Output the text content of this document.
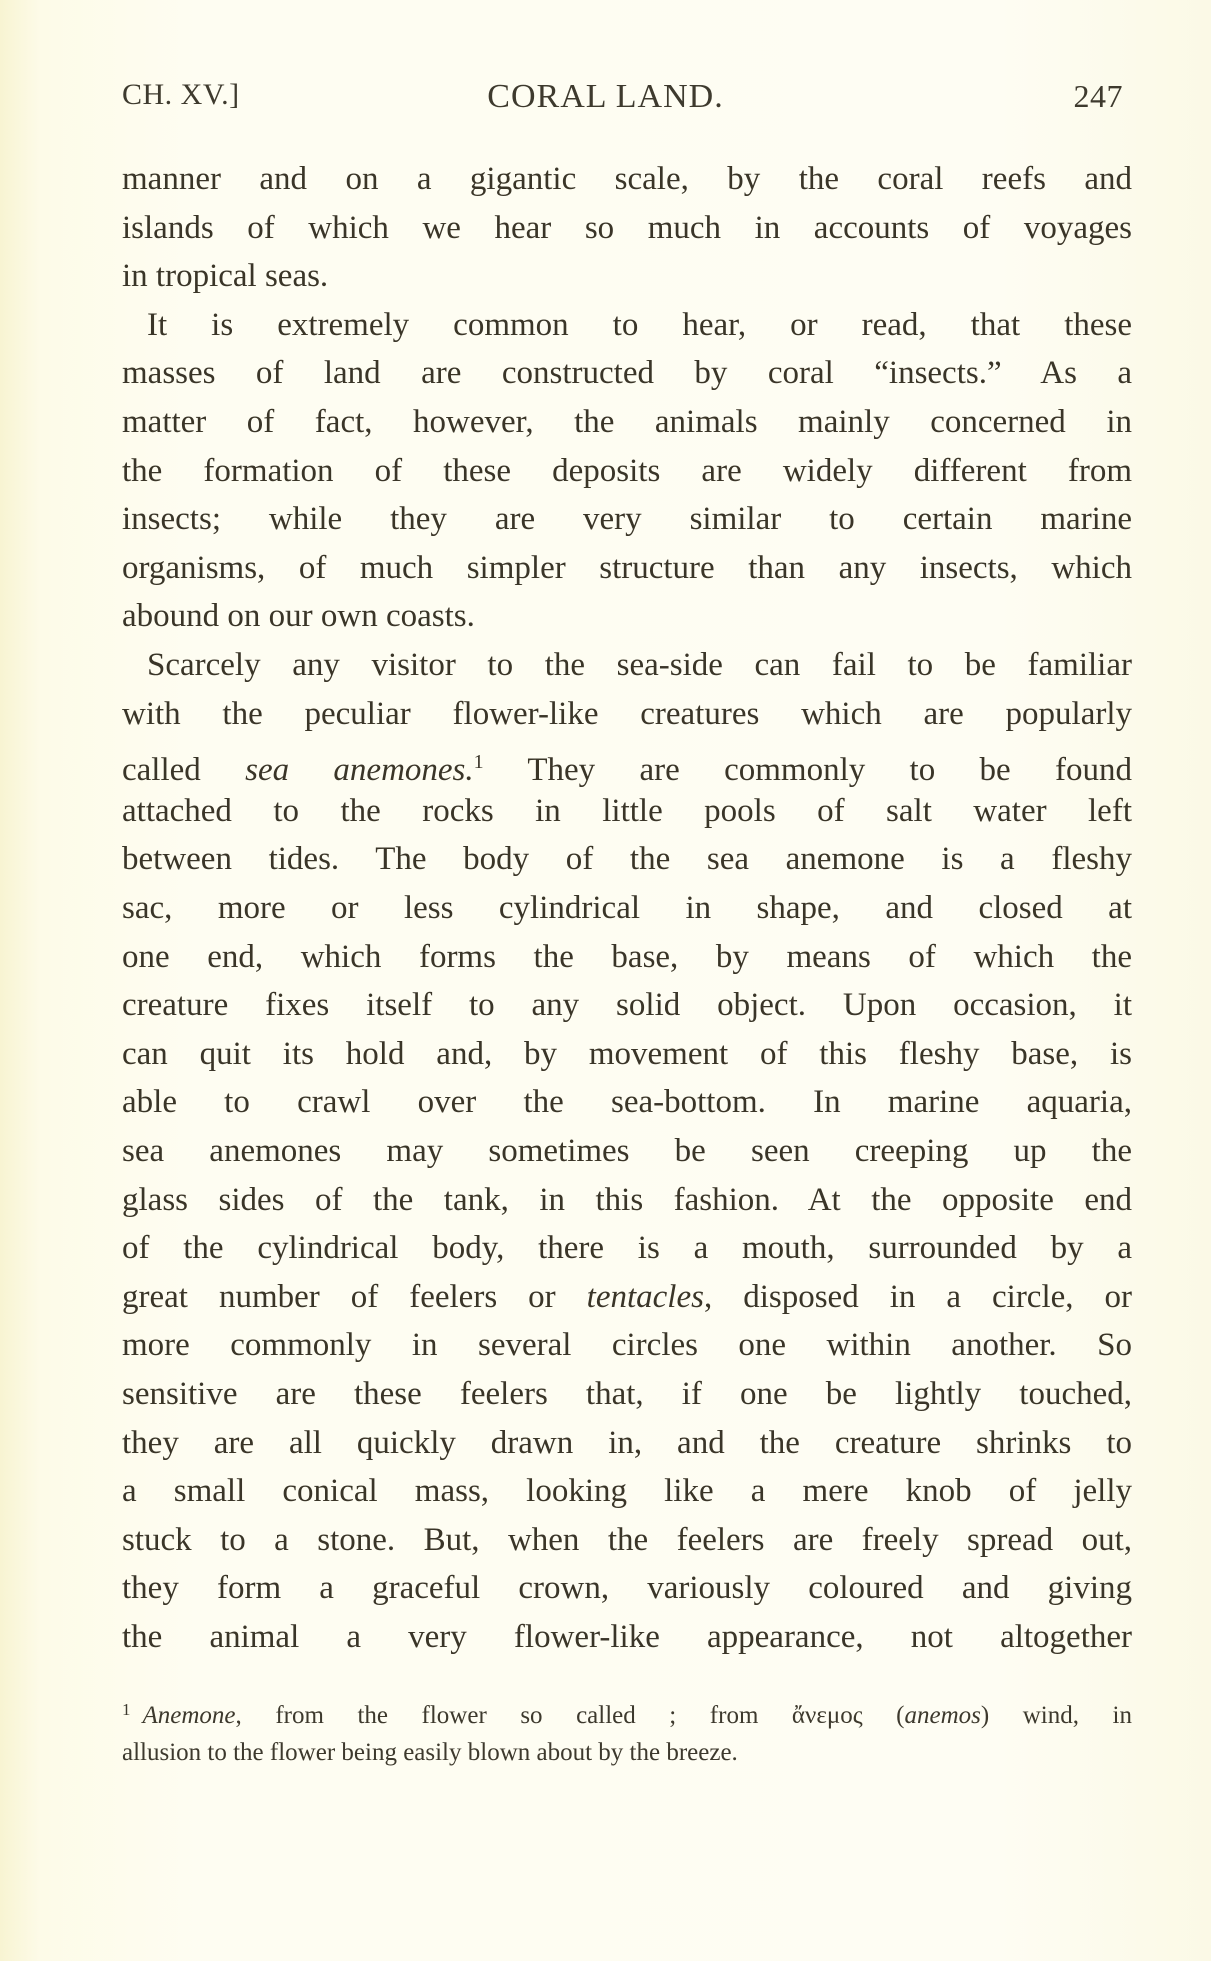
CH. XV.]	CORAL LAND.	247
manner and on a gigantic scale, by the coral reefs and
islands of which we hear so much in accounts of voyages
in tropical seas.
It is extremely common to hear, or read, that these
masses of land are constructed by coral “insects.” As a
matter of fact, however, the animals mainly concerned in
the formation of these deposits are widely different from
insects; while they are very similar to certain marine
organisms, of much simpler structure than any insects, which
abound on our own coasts.
Scarcely any visitor to the sea-side can fail to be familiar
with the peculiar flower-like creatures which are popularly
called sea anemones.$^1$ They are commonly to be found
attached to the rocks in little pools of salt water left
between tides. The body of the sea anemone is a fleshy
sac, more or less cylindrical in shape, and closed at
one end, which forms the base, by means of which the
creature fixes itself to any solid object. Upon occasion, it
can quit its hold and, by movement of this fleshy base, is
able to crawl over the sea-bottom. In marine aquaria,
sea anemones may sometimes be seen creeping up the
glass sides of the tank, in this fashion. At the opposite end
of the cylindrical body, there is a mouth, surrounded by a
great number of feelers or tentacles, disposed in a circle, or
more commonly in several circles one within another. So
sensitive are these feelers that, if one be lightly touched,
they are all quickly drawn in, and the creature shrinks to
a small conical mass, looking like a mere knob of jelly
stuck to a stone. But, when the feelers are freely spread out,
they form a graceful crown, variously coloured and giving
the animal a very flower-like appearance, not altogether
$^1$ Anemone, from the flower so called ; from ἄνεμος (anemos) wind, in
allusion to the flower being easily blown about by the breeze.
